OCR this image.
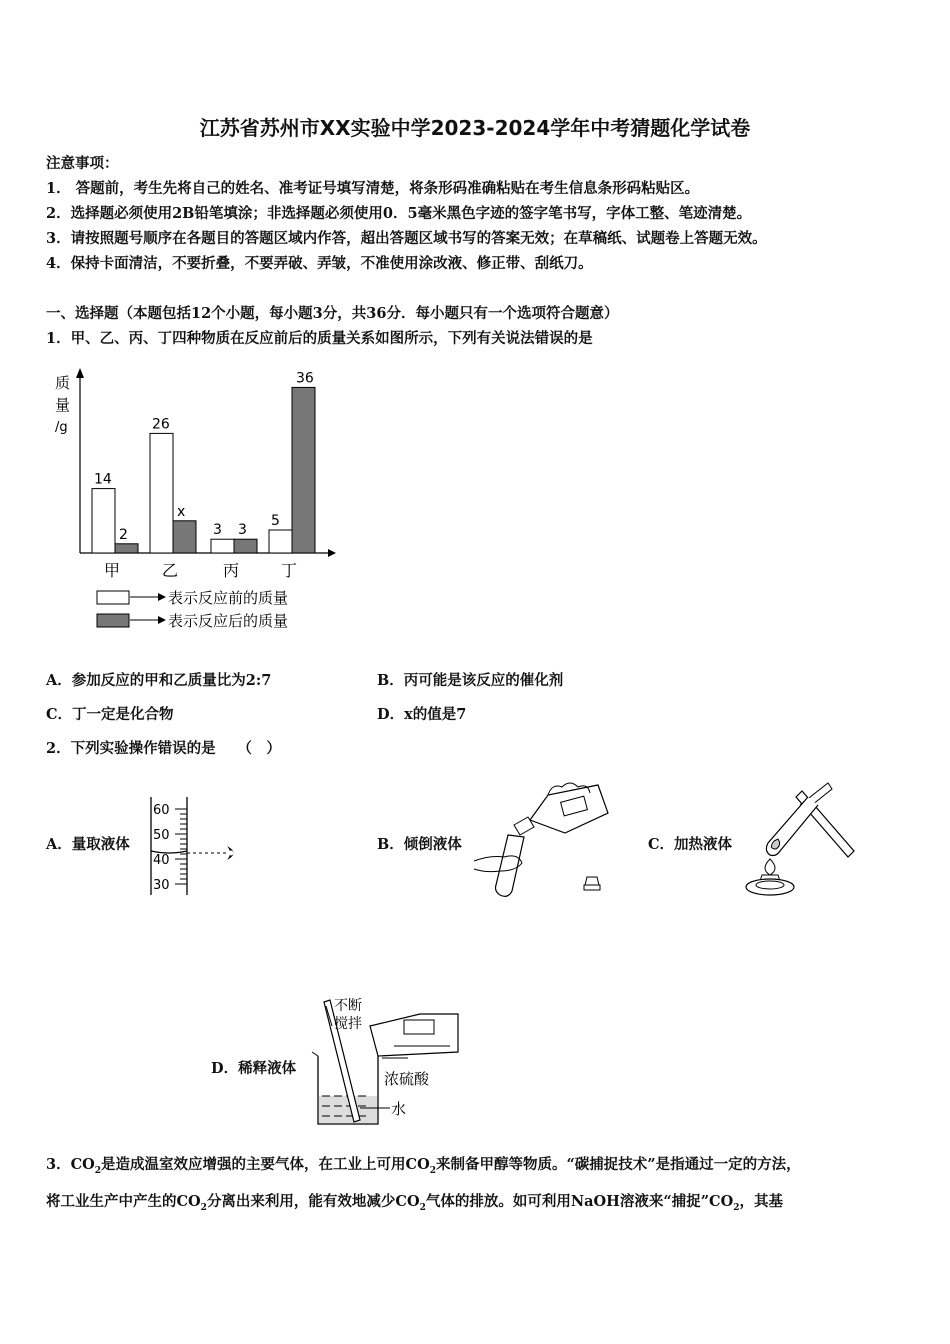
江苏省苏州市XX实验中学2023-2024学年中考猜题化学试卷
注意事项：
1． 答题前，考生先将自己的姓名、准考证号填写清楚，将条形码准确粘贴在考生信息条形码粘贴区。
2．选择题必须使用2B铅笔填涂；非选择题必须使用0．5毫米黑色字迹的签字笔书写，字体工整、笔迹清楚。
3．请按照题号顺序在各题目的答题区域内作答，超出答题区域书写的答案无效；在草稿纸、试题卷上答题无效。
4．保持卡面清洁，不要折叠，不要弄破、弄皱，不准使用涂改液、修正带、刮纸刀。
一、选择题（本题包括12个小题，每小题3分，共36分．每小题只有一个选项符合题意）
1．甲、乙、丙、丁四种物质在反应前后的质量关系如图所示，下列有关说法错误的是
质
量
/g
14
2
甲
26
x
乙
3 3
丙
5
36
丁
表示反应前的质量
表示反应后的质量
A．参加反应的甲和乙质量比为2:7	B．丙可能是该反应的催化剂
C．丁一定是化合物	D．x的值是7
2．下列实验操作错误的是　　（　）
A．量取液体
60
50
40
30
B．倾倒液体	C．加热液体
D．稀释液体
不断
搅拌
浓硫酸
水
3．$CO_2$是造成温室效应增强的主要气体，在工业上可用$CO_2$来制备甲醇等物质。“碳捕捉技术”是指通过一定的方法，
将工业生产中产生的$CO_2$分离出来利用，能有效地减少$CO_2$气体的排放。如可利用NaOH溶液来“捕捉$”CO_2$，其基
